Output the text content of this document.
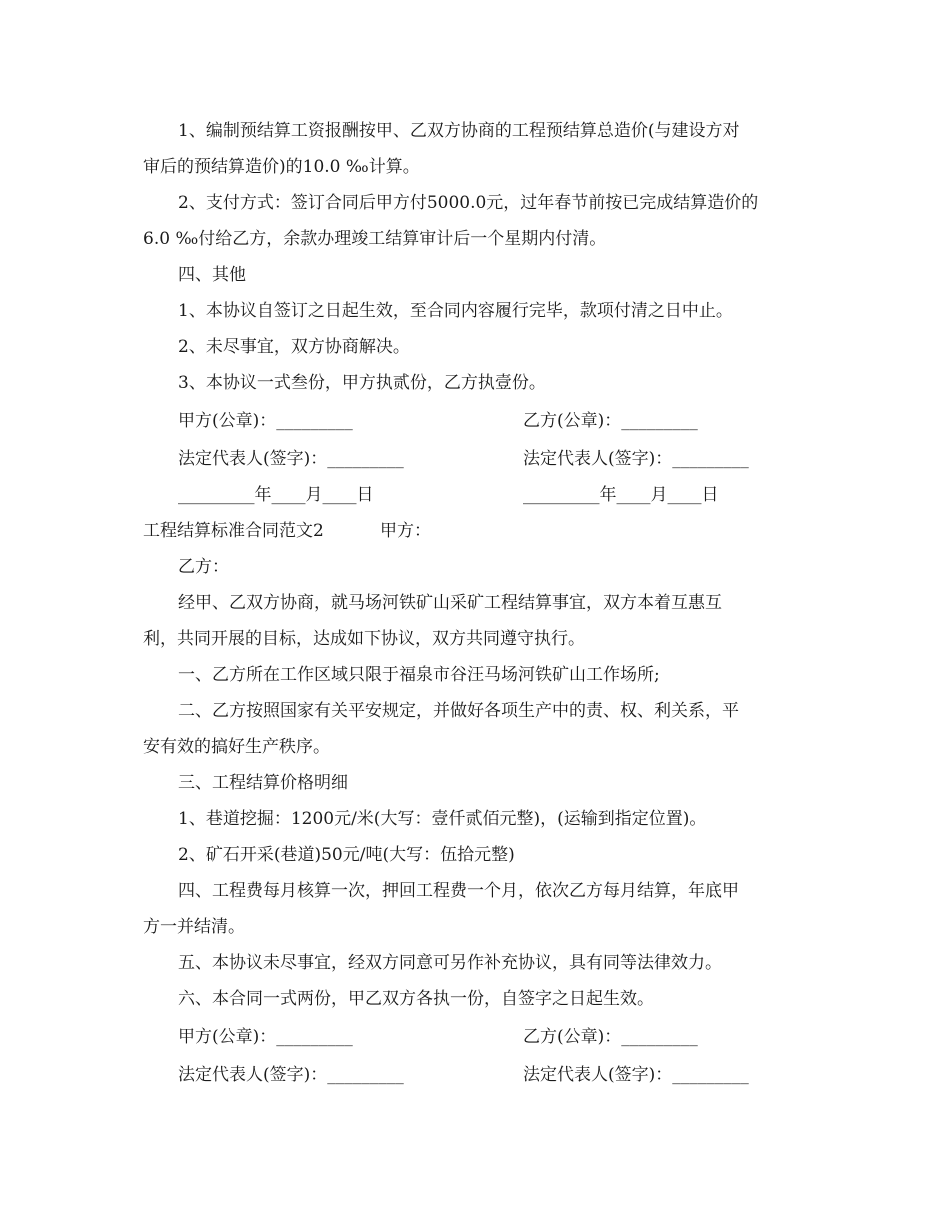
1、编制预结算工资报酬按甲、乙双方协商的工程预结算总造价(与建设方对
审后的预结算造价)的10.0 ‰计算。
2、支付方式：签订合同后甲方付5000.0元，过年春节前按已完成结算造价的
6.0 ‰付给乙方，余款办理竣工结算审计后一个星期内付清。
四、其他
1、本协议自签订之日起生效，至合同内容履行完毕，款项付清之日中止。
2、未尽事宜，双方协商解决。
3、本协议一式叁份，甲方执贰份，乙方执壹份。
甲方(公章)：_________	乙方(公章)：_________
法定代表人(签字)：_________	法定代表人(签字)：_________
_________年____月____日	_________年____月____日
工程结算标准合同范文2	甲方：
乙方：
经甲、乙双方协商，就马场河铁矿山采矿工程结算事宜，双方本着互惠互
利，共同开展的目标，达成如下协议，双方共同遵守执行。
一、乙方所在工作区域只限于福泉市谷汪马场河铁矿山工作场所;
二、乙方按照国家有关平安规定，并做好各项生产中的责、权、利关系，平
安有效的搞好生产秩序。
三、工程结算价格明细
1、巷道挖掘：1200元/米(大写：壹仟贰佰元整)，(运输到指定位置)。
2、矿石开采(巷道)50元/吨(大写：伍拾元整)
四、工程费每月核算一次，押回工程费一个月，依次乙方每月结算，年底甲
方一并结清。
五、本协议未尽事宜，经双方同意可另作补充协议，具有同等法律效力。
六、本合同一式两份，甲乙双方各执一份，自签字之日起生效。
甲方(公章)：_________	乙方(公章)：_________
法定代表人(签字)：_________	法定代表人(签字)：_________
